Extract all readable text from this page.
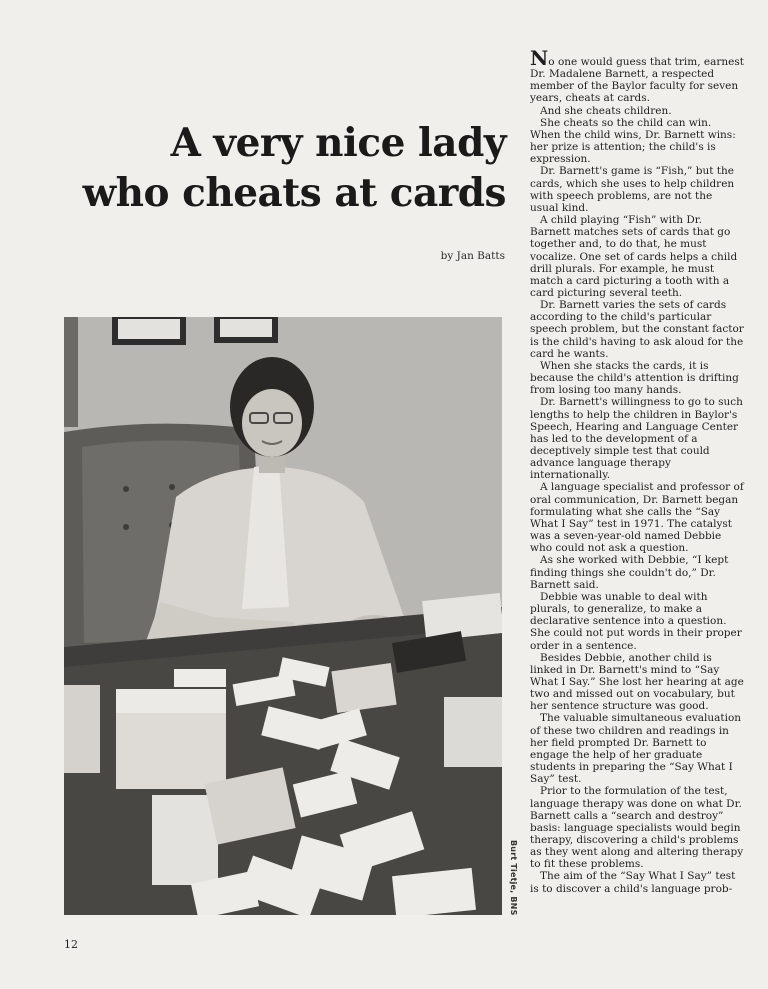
A very nice lady
who cheats at cards
by Jan Batts
Burt Tietje, BNS
12

No one would guess that trim, earnest Dr. Madalene Barnett, a respected member of the Baylor faculty for seven years, cheats at cards.

And she cheats children.

She cheats so the child can win. When the child wins, Dr. Barnett wins: her prize is attention; the child's is expression.

Dr. Barnett's game is “Fish,” but the cards, which she uses to help children with speech problems, are not the usual kind.

A child playing “Fish” with Dr. Barnett matches sets of cards that go together and, to do that, he must vocalize. One set of cards helps a child drill plurals. For example, he must match a card picturing a tooth with a card picturing several teeth.

Dr. Barnett varies the sets of cards according to the child's particular speech problem, but the constant factor is the child's having to ask aloud for the card he wants.

When she stacks the cards, it is because the child's attention is drifting from losing too many hands.

Dr. Barnett's willingness to go to such lengths to help the children in Baylor's Speech, Hearing and Language Center has led to the development of a deceptively simple test that could advance language therapy internationally.

A language specialist and professor of oral communication, Dr. Barnett began formulating what she calls the “Say What I Say” test in 1971. The catalyst was a seven-year-old named Debbie who could not ask a question.

As she worked with Debbie, “I kept finding things she couldn't do,” Dr. Barnett said.

Debbie was unable to deal with plurals, to generalize, to make a declarative sentence into a question. She could not put words in their proper order in a sentence.

Besides Debbie, another child is linked in Dr. Barnett's mind to “Say What I Say.” She lost her hearing at age two and missed out on vocabulary, but her sentence structure was good.

The valuable simultaneous evaluation of these two children and readings in her field prompted Dr. Barnett to engage the help of her graduate students in preparing the “Say What I Say” test.

Prior to the formulation of the test, language therapy was done on what Dr. Barnett calls a “search and destroy” basis: language specialists would begin therapy, discovering a child's problems as they went along and altering therapy to fit these problems.

The aim of the “Say What I Say” test is to discover a child's language prob-
